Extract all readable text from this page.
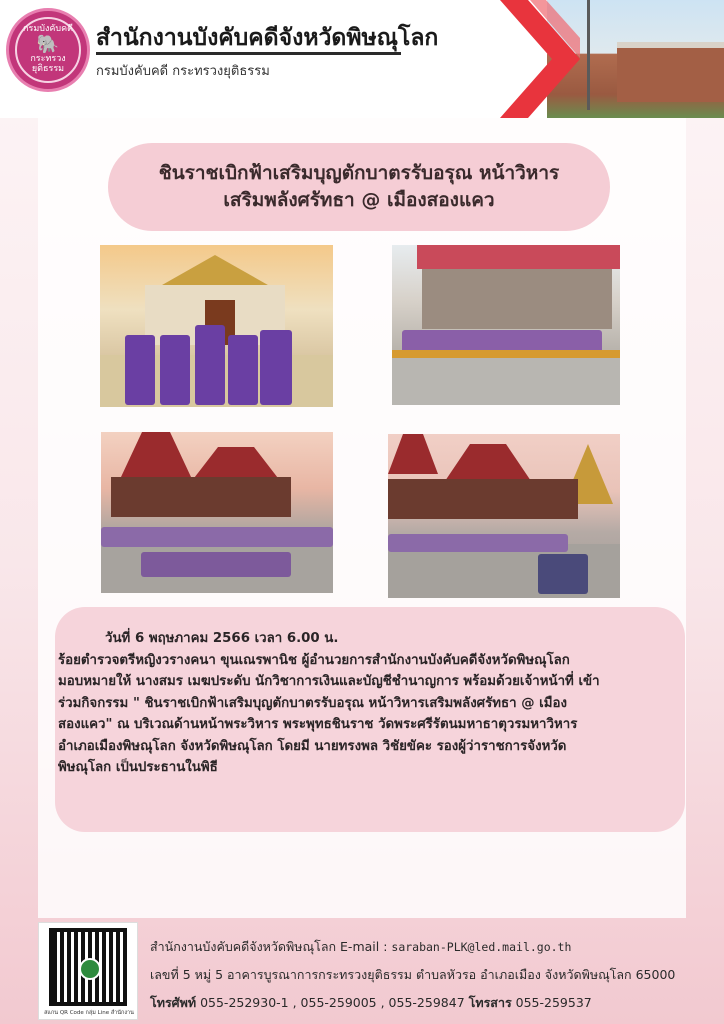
กรมบังคับคดี
🐘
กระทรวงยุติธรรม
สำนักงานบังคับคดีจังหวัดพิษณุโลก
กรมบังคับคดี กระทรวงยุติธรรม
ชินราชเบิกฟ้าเสริมบุญตักบาตรรับอรุณ หน้าวิหาร
เสริมพลังศรัทธา @ เมืองสองแคว

วันที่ 6 พฤษภาคม 2566 เวลา 6.00 น.

ร้อยตำรวจตรีหญิงวรางคนา ขุนเณรพานิช ผู้อำนวยการสำนักงานบังคับคดีจังหวัดพิษณุโลก

มอบหมายให้ นางสมร เมฆประดับ นักวิชาการเงินและบัญชีชำนาญการ พร้อมด้วยเจ้าหน้าที่ เข้า

ร่วมกิจกรรม " ชินราชเบิกฟ้าเสริมบุญตักบาตรรับอรุณ หน้าวิหารเสริมพลังศรัทธา @ เมือง

สองแคว" ณ บริเวณด้านหน้าพระวิหาร พระพุทธชินราช วัดพระศรีรัตนมหาธาตุวรมหาวิหาร

อำเภอเมืองพิษณุโลก จังหวัดพิษณุโลก โดยมี นายทรงพล วิชัยขัคะ รองผู้ว่าราชการจังหวัด

พิษณุโลก เป็นประธานในพิธี

สแกน QR Code กลุ่ม Line สำนักงาน
สำนักงานบังคับคดีจังหวัดพิษณุโลก E-mail : saraban-PLK@led.mail.go.th
เลขที่ 5 หมู่ 5 อาคารบูรณาการกระทรวงยุติธรรม ตำบลหัวรอ อำเภอเมือง จังหวัดพิษณุโลก 65000
โทรศัพท์ 055-252930-1 , 055-259005 , 055-259847 โทรสาร 055-259537
